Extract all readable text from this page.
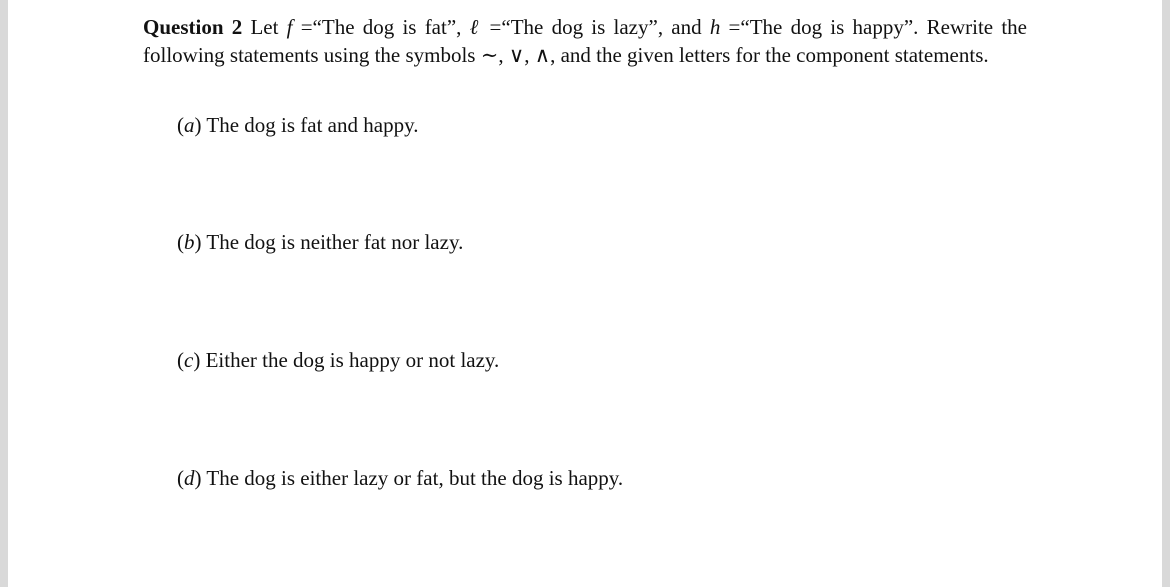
Question 2 Let f =“The dog is fat”, ℓ =“The dog is lazy”, and h =“The dog is happy”. Rewrite the following statements using the symbols ∼, ∨, ∧, and the given letters for the component statements.
(a) The dog is fat and happy.
(b) The dog is neither fat nor lazy.
(c) Either the dog is happy or not lazy.
(d) The dog is either lazy or fat, but the dog is happy.
